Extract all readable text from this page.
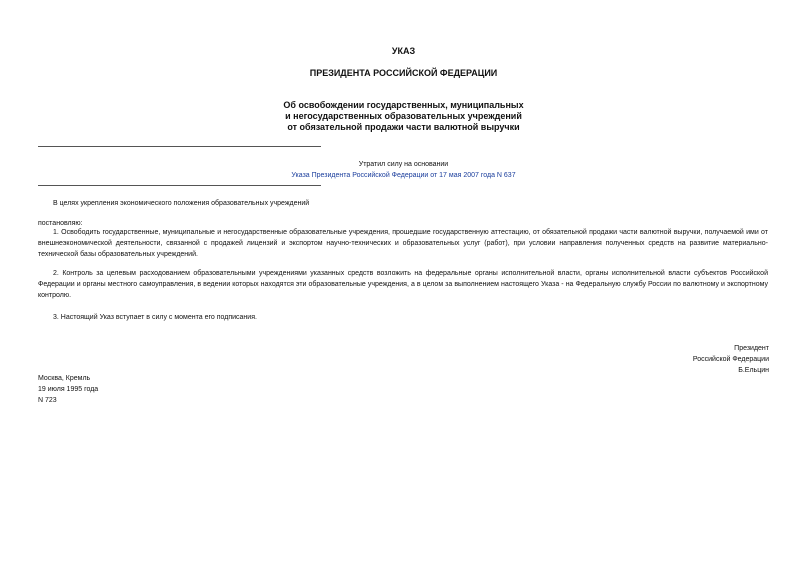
УКАЗ
ПРЕЗИДЕНТА РОССИЙСКОЙ ФЕДЕРАЦИИ
Об освобождении государственных, муниципальных
и негосударственных образовательных учреждений
от обязательной продажи части валютной выручки
Утратил силу на основании
Указа Президента Российской Федерации от 17 мая 2007 года N 637
В целях укрепления экономического положения образовательных учреждений
постановляю:
1. Освободить государственные, муниципальные и негосударственные образовательные учреждения, прошедшие государственную аттестацию, от обязательной продажи части валютной выручки, получаемой ими от внешнеэкономической деятельности, связанной с продажей лицензий и экспортом научно-технических и образовательных услуг (работ), при условии направления полученных средств на развитие материально-технической базы образовательных учреждений.
2. Контроль за целевым расходованием образовательными учреждениями указанных средств возложить на федеральные органы исполнительной власти, органы исполнительной власти субъектов Российской Федерации и органы местного самоуправления, в ведении которых находятся эти образовательные учреждения, а в целом за выполнением настоящего Указа - на Федеральную службу России по валютному и экспортному контролю.
3. Настоящий Указ вступает в силу с момента его подписания.
Президент
Российской Федерации
Б.Ельцин
Москва, Кремль
19 июля 1995 года
N 723
